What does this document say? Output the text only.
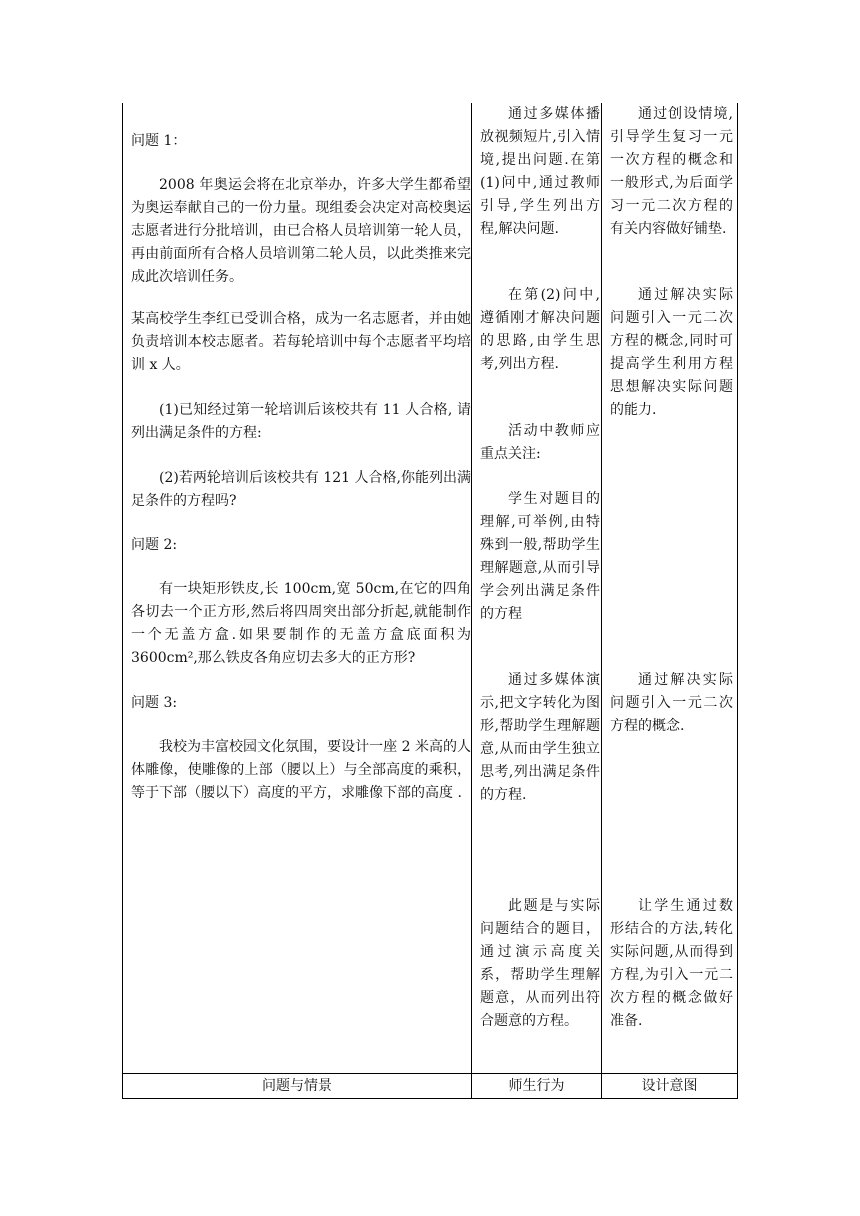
问题 1：
2008 年奥运会将在北京举办，许多大学生都希望为奥运奉献自己的一份力量。现组委会决定对高校奥运志愿者进行分批培训，由已合格人员培训第一轮人员，再由前面所有合格人员培训第二轮人员，以此类推来完成此次培训任务。
某高校学生李红已受训合格，成为一名志愿者，并由她负责培训本校志愿者。若每轮培训中每个志愿者平均培训 x 人。
(1)已知经过第一轮培训后该校共有 11 人合格, 请列出满足条件的方程:
(2)若两轮培训后该校共有 121 人合格,你能列出满足条件的方程吗?
问题 2:
有一块矩形铁皮,长 100cm,宽 50cm,在它的四角各切去一个正方形,然后将四周突出部分折起,就能制作一个无盖方盒.如果要制作的无盖方盒底面积为 3600cm²,那么铁皮各角应切去多大的正方形?
问题 3:
我校为丰富校园文化氛围，要设计一座 2 米高的人体雕像，使雕像的上部（腰以上）与全部高度的乘积，等于下部（腰以下）高度的平方，求雕像下部的高度 .
通过多媒体播放视频短片,引入情境,提出问题.在第(1)问中,通过教师引导,学生列出方程,解决问题.
在第(2)问中,遵循刚才解决问题的思路,由学生思考,列出方程.
活动中教师应重点关注:
学生对题目的理解,可举例,由特殊到一般,帮助学生理解题意,从而引导学会列出满足条件的方程
通过多媒体演示,把文字转化为图形,帮助学生理解题意,从而由学生独立思考,列出满足条件的方程.
此题是与实际问题结合的题目，通过演示高度关系，帮助学生理解题意，从而列出符合题意的方程。
通过创设情境,引导学生复习一元一次方程的概念和一般形式,为后面学习一元二次方程的有关内容做好铺垫.
通过解决实际问题引入一元二次方程的概念,同时可提高学生利用方程思想解决实际问题的能力.
通过解决实际问题引入一元二次方程的概念.
让学生通过数形结合的方法,转化实际问题,从而得到方程,为引入一元二次方程的概念做好准备.
问题与情景	师生行为	设计意图
